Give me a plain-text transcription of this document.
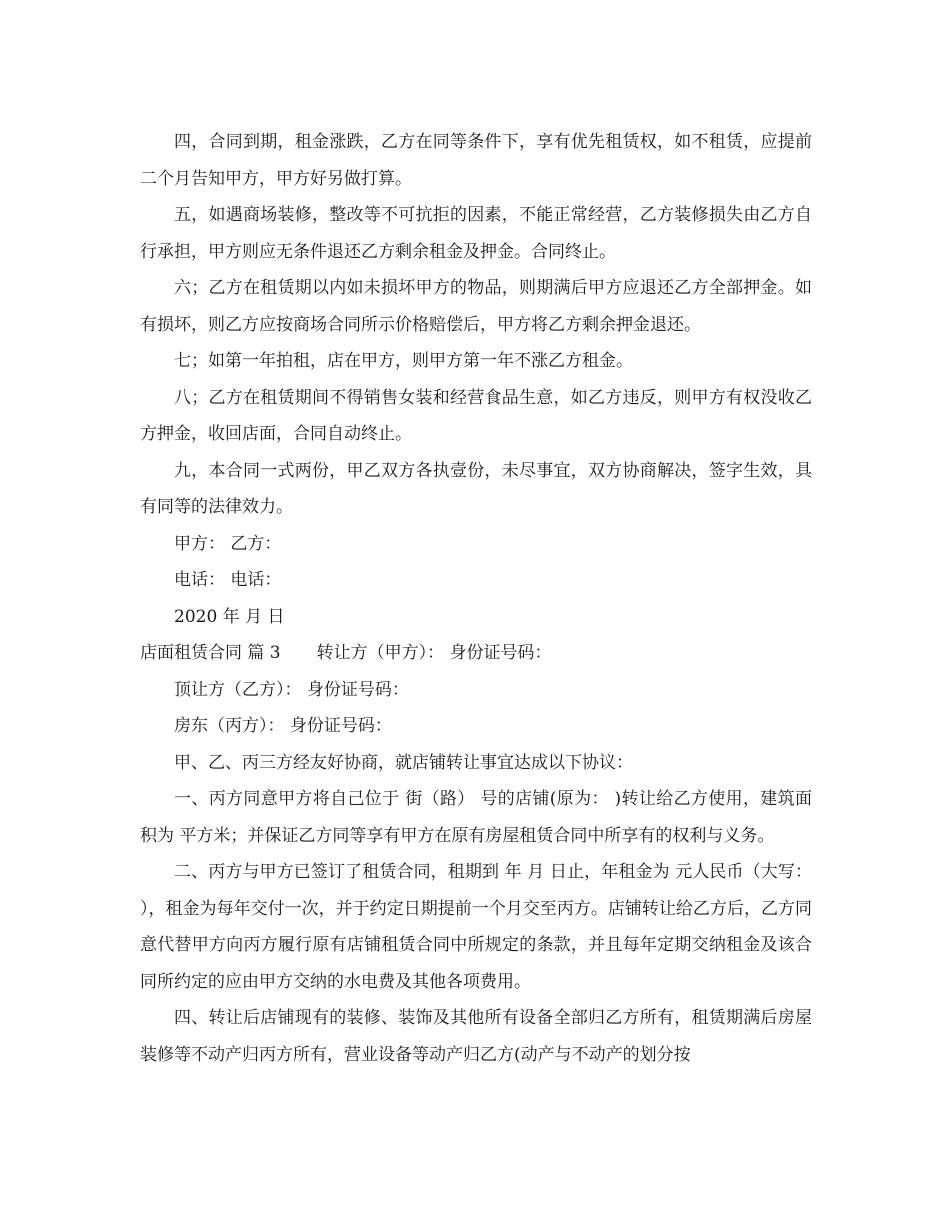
四，合同到期，租金涨跌，乙方在同等条件下，享有优先租赁权，如不租赁，应提前二个月告知甲方，甲方好另做打算。

五，如遇商场装修，整改等不可抗拒的因素，不能正常经营，乙方装修损失由乙方自行承担，甲方则应无条件退还乙方剩余租金及押金。合同终止。

六；乙方在租赁期以内如未损坏甲方的物品，则期满后甲方应退还乙方全部押金。如有损坏，则乙方应按商场合同所示价格赔偿后，甲方将乙方剩余押金退还。

七；如第一年拍租，店在甲方，则甲方第一年不涨乙方租金。

八；乙方在租赁期间不得销售女装和经营食品生意，如乙方违反，则甲方有权没收乙方押金，收回店面，合同自动终止。

九，本合同一式两份，甲乙双方各执壹份，未尽事宜，双方协商解决，签字生效，具有同等的法律效力。

甲方： 乙方：

电话： 电话：

2020 年 月 日

店面租赁合同 篇 3 转让方（甲方）： 身份证号码：

顶让方（乙方）： 身份证号码：

房东（丙方）： 身份证号码：

甲、乙、丙三方经友好协商，就店铺转让事宜达成以下协议：

一、丙方同意甲方将自己位于 街（路） 号的店铺(原为： )转让给乙方使用，建筑面积为 平方米；并保证乙方同等享有甲方在原有房屋租赁合同中所享有的权利与义务。

二、丙方与甲方已签订了租赁合同，租期到 年 月 日止，年租金为 元人民币（大写： ），租金为每年交付一次，并于约定日期提前一个月交至丙方。店铺转让给乙方后，乙方同意代替甲方向丙方履行原有店铺租赁合同中所规定的条款，并且每年定期交纳租金及该合同所约定的应由甲方交纳的水电费及其他各项费用。

四、转让后店铺现有的装修、装饰及其他所有设备全部归乙方所有，租赁期满后房屋装修等不动产归丙方所有，营业设备等动产归乙方(动产与不动产的划分按
